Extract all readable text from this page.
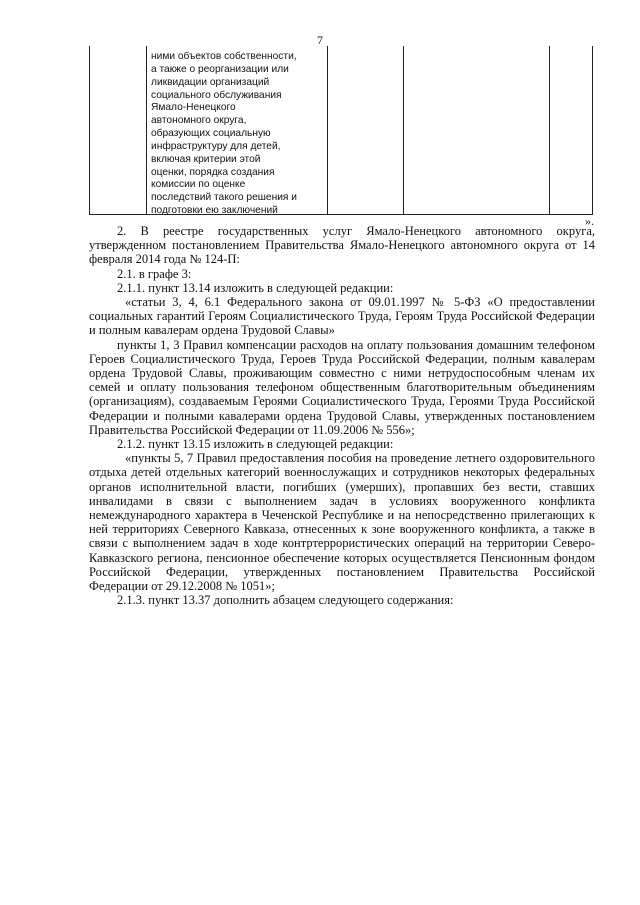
7
ними объектов собственности,
а также о реорганизации или
ликвидации организаций
социального обслуживания
Ямало-Ненецкого
автономного округа,
образующих социальную
инфраструктуру для детей,
включая критерии этой
оценки, порядка создания
комиссии по оценке
последствий такого решения и
подготовки ею заключений
».

2. В реестре государственных услуг Ямало-Ненецкого автономного округа, утвержденном постановлением Правительства Ямало-Ненецкого автономного округа от 14 февраля 2014 года № 124-П:

2.1. в графе 3:

2.1.1. пункт 13.14 изложить в следующей редакции:

«статьи 3, 4, 6.1 Федерального закона от 09.01.1997 № 5-ФЗ «О предоставлении социальных гарантий Героям Социалистического Труда, Героям Труда Российской Федерации и полным кавалерам ордена Трудовой Славы»

пункты 1, 3 Правил компенсации расходов на оплату пользования домашним телефоном Героев Социалистического Труда, Героев Труда Российской Федерации, полным кавалерам ордена Трудовой Славы, проживающим совместно с ними нетрудоспособным членам их семей и оплату пользования телефоном общественным благотворительным объединениям (организациям), создаваемым Героями Социалистического Труда, Героями Труда Российской Федерации и полными кавалерами ордена Трудовой Славы, утвержденных постановлением Правительства Российской Федерации от 11.09.2006 № 556»;

2.1.2. пункт 13.15 изложить в следующей редакции:

«пункты 5, 7 Правил предоставления пособия на проведение летнего оздоровительного отдыха детей отдельных категорий военнослужащих и сотрудников некоторых федеральных органов исполнительной власти, погибших (умерших), пропавших без вести, ставших инвалидами в связи с выполнением задач в условиях вооруженного конфликта немеждународного характера в Чеченской Республике и на непосредственно прилегающих к ней территориях Северного Кавказа, отнесенных к зоне вооруженного конфликта, а также в связи с выполнением задач в ходе контртеррористических операций на территории Северо-Кавказского региона, пенсионное обеспечение которых осуществляется Пенсионным фондом Российской Федерации, утвержденных постановлением Правительства Российской Федерации от 29.12.2008 № 1051»;

2.1.3. пункт 13.37 дополнить абзацем следующего содержания:
